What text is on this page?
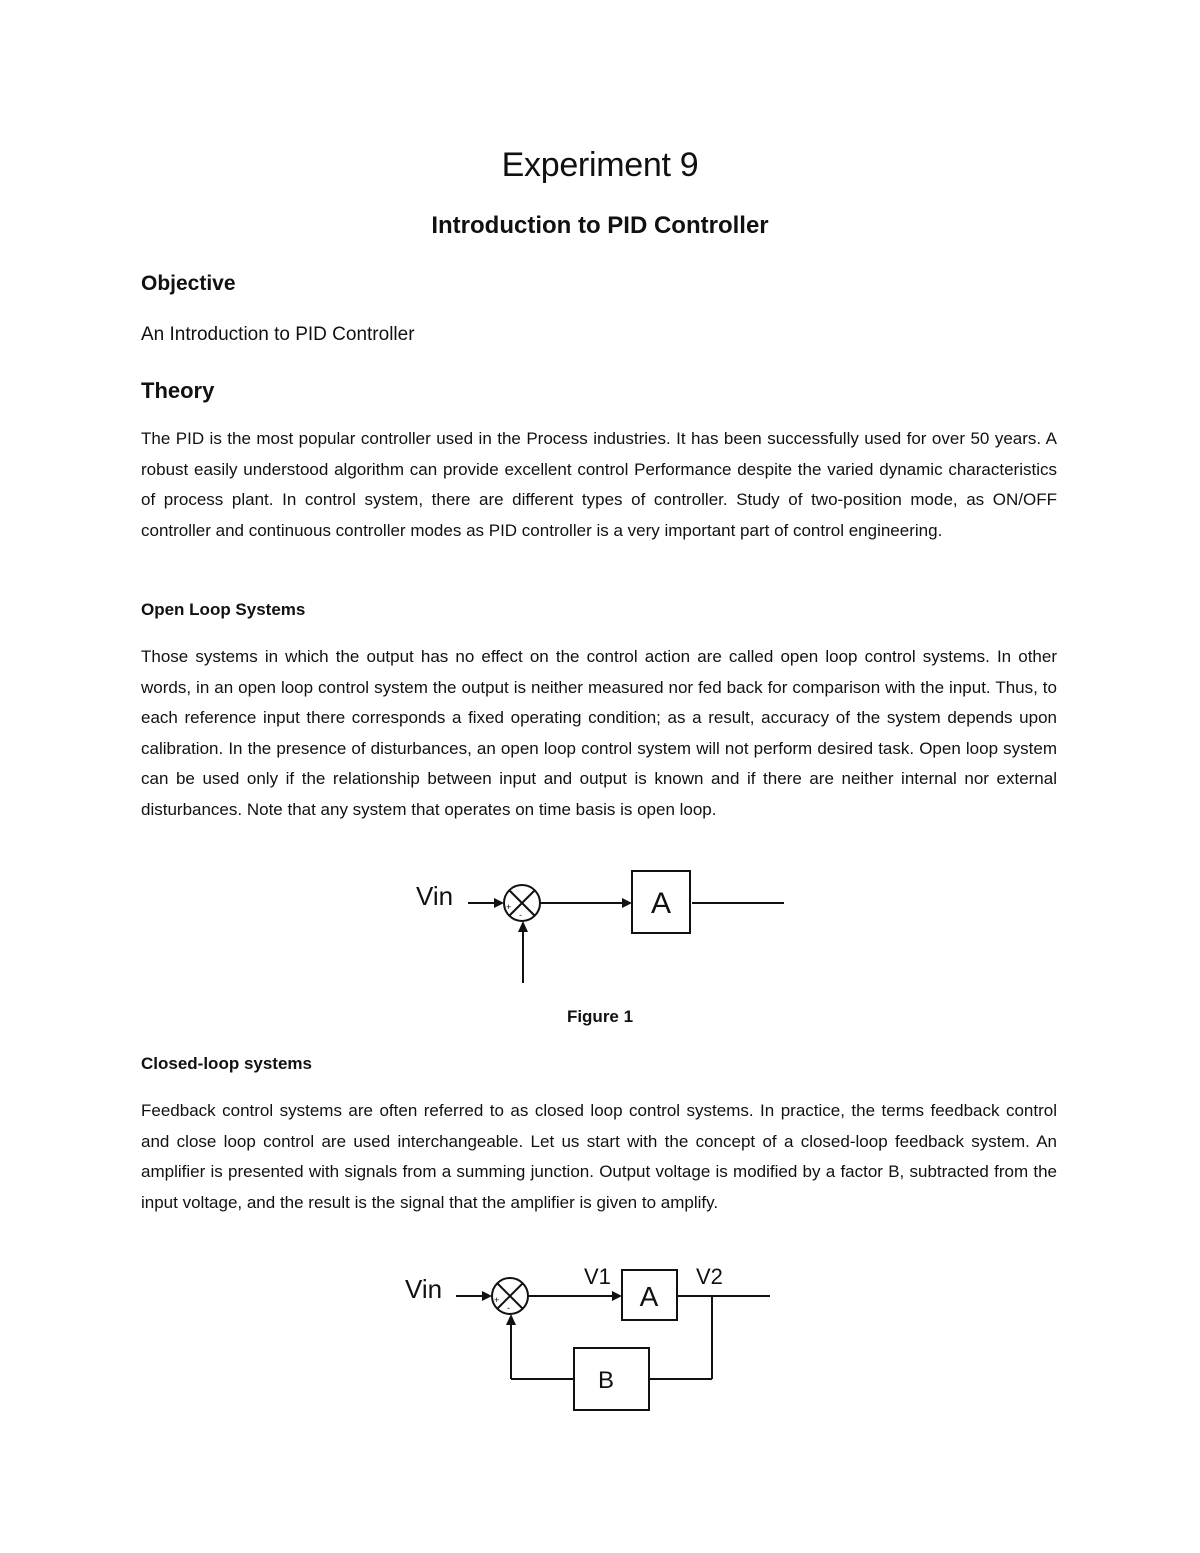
Experiment 9
Introduction to PID Controller
Objective

An Introduction to PID Controller

Theory

The PID is the most popular controller used in the Process industries. It has been successfully used for over 50 years. A robust easily understood algorithm can provide excellent control Performance despite the varied dynamic characteristics of process plant. In control system, there are different types of controller. Study of two-position mode, as ON/OFF controller and continuous controller modes as PID controller is a very important part of control engineering.

Open Loop Systems

Those systems in which the output has no effect on the control action are called open loop control systems. In other words, in an open loop control system the output is neither measured nor fed back for comparison with the input. Thus, to each reference input there corresponds a fixed operating condition; as a result, accuracy of the system depends upon calibration. In the presence of disturbances, an open loop control system will not perform desired task. Open loop system can be used only if the relationship between input and output is known and if there are neither internal nor external disturbances. Note that any system that operates on time basis is open loop.

Vin	+
-	A

Figure 1

Closed-loop systems

Feedback control systems are often referred to as closed loop control systems. In practice, the terms feedback control and close loop control are used interchangeable. Let us start with the concept of a closed-loop feedback system. An amplifier is presented with signals from a summing junction. Output voltage is modified by a factor B, subtracted from the input voltage, and the result is the signal that the amplifier is given to amplify.

Vin	+
-
V1
A
V2
B
